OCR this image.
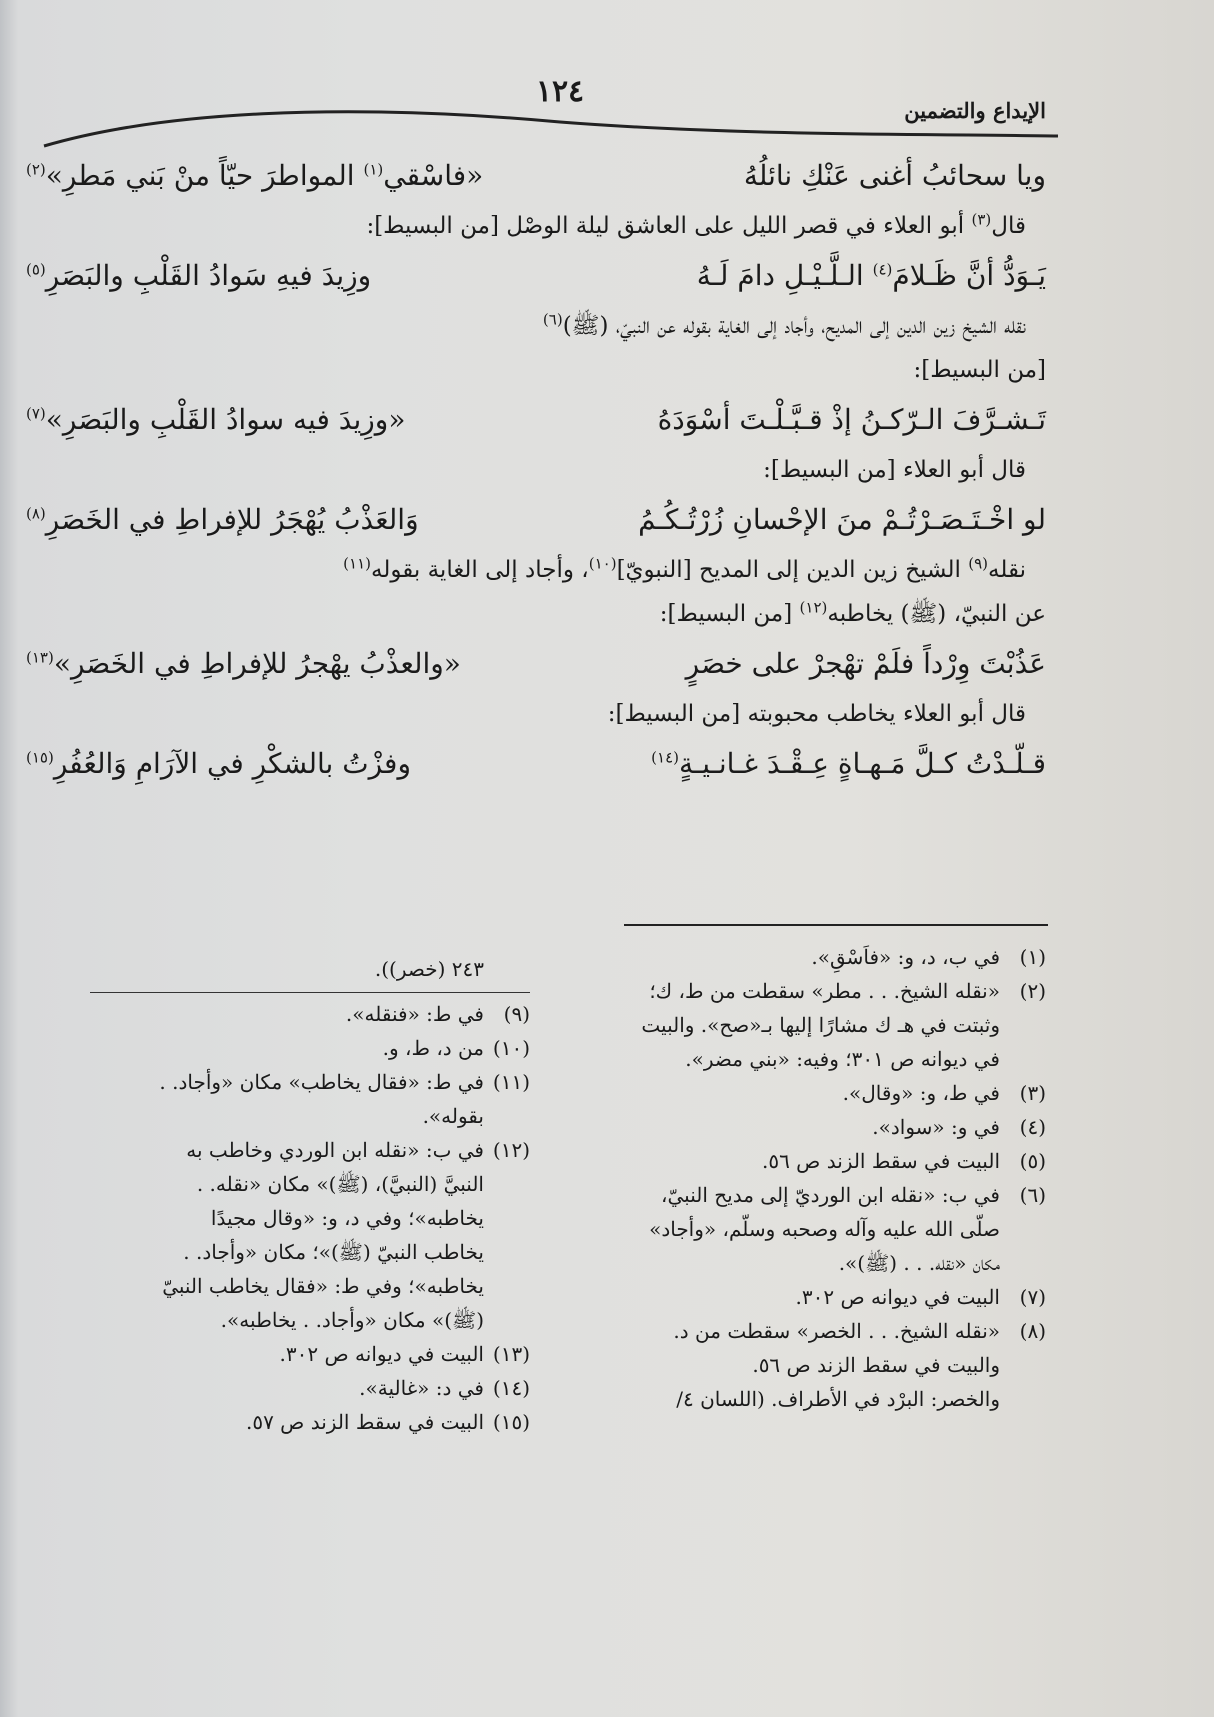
١٢٤
الإيداع والتضمين
ويا سحائبُ أغنى عَنْكِ نائلُهُ
«فاسْقي$^{(١)}$ المواطرَ حيّاً منْ بَني مَطرِ»$^{(٢)}$

قال$^{(٣)}$ أبو العلاء في قصر الليل على العاشق ليلة الوصْل [من البسيط]:

يَـوَدُّ أنَّ ظَـلامَ$^{(٤)}$ الـلَّـيْـلِ دامَ لَـهُ
وزِيدَ فيهِ سَوادُ القَلْبِ والبَصَرِ$^{(٥)}$

نقله الشيخ زين الدين إلى المديح، وأجاد إلى الغاية بقوله عن النبيّ، (ﷺ)$^{(٦)}$

[من البسيط]:

تَـشـرَّفَ الـرّكـنُ إذْ قـبَّـلْـتَ أسْوَدَهُ
«وزِيدَ فيه سوادُ القَلْبِ والبَصَرِ»$^{(٧)}$

قال أبو العلاء [من البسيط]:

لو اخْـتَـصَـرْتُـمْ منَ الإحْسانِ زُرْتُـكُـمُ
وَالعَذْبُ يُهْجَرُ للإفراطِ في الخَصَرِ$^{(٨)}$

نقله$^{(٩)}$ الشيخ زين الدين إلى المديح [النبويّ]$^{(١٠)}$، وأجاد إلى الغاية بقوله$^{(١١)}$

عن النبيّ، (ﷺ) يخاطبه$^{(١٢)}$ [من البسيط]:

عَذُبْتَ وِرْداً فلَمْ تهْجرْ على خصَرٍ
«والعذْبُ يهْجرُ للإفراطِ في الخَصَرِ»$^{(١٣)}$

قال أبو العلاء يخاطب محبوبته [من البسيط]:

قـلّـدْتُ كـلَّ مَـهـاةٍ عِـقْـدَ غـانـيـةٍ$^{(١٤)}$
وفزْتُ بالشكْرِ في الآرَامِ وَالعُفُرِ$^{(١٥)}$
(١)في ب، د، و: «فاَسْقِ».
(٢)«نقله الشيخ. . . مطر» سقطت من ط، ك؛
وثبتت في هـ ك مشارًا إليها بـ«صح». والبيت
في ديوانه ص ٣٠١؛ وفيه: «بني مضر».
(٣)في ط، و: «وقال».
(٤)في و: «سواد».
(٥)البيت في سقط الزند ص ٥٦.
(٦)في ب: «نقله ابن الورديّ إلى مديح النبيّ،
صلّى الله عليه وآله وصحبه وسلّم، «وأجاد»
مكان «نقله. . . (ﷺ)».
(٧)البيت في ديوانه ص ٣٠٢.
(٨)«نقله الشيخ. . . الخصر» سقطت من د.
والبيت في سقط الزند ص ٥٦.
والخصر: البرْد في الأطراف. (اللسان ٤/
٢٤٣ (خصر)).
(٩)في ط: «فنقله».
(١٠)من د، ط، و.
(١١)في ط: «فقال يخاطب» مكان «وأجاد. .
بقوله».
(١٢)في ب: «نقله ابن الوردي وخاطب به
النبيَّ (النبيَّ)، (ﷺ)» مكان «نقله. .
يخاطبه»؛ وفي د، و: «وقال مجيدًا
يخاطب النبيّ (ﷺ)»؛ مكان «وأجاد. .
يخاطبه»؛ وفي ط: «فقال يخاطب النبيّ
(ﷺ)» مكان «وأجاد. . يخاطبه».
(١٣)البيت في ديوانه ص ٣٠٢.
(١٤)في د: «غالية».
(١٥)البيت في سقط الزند ص ٥٧.
